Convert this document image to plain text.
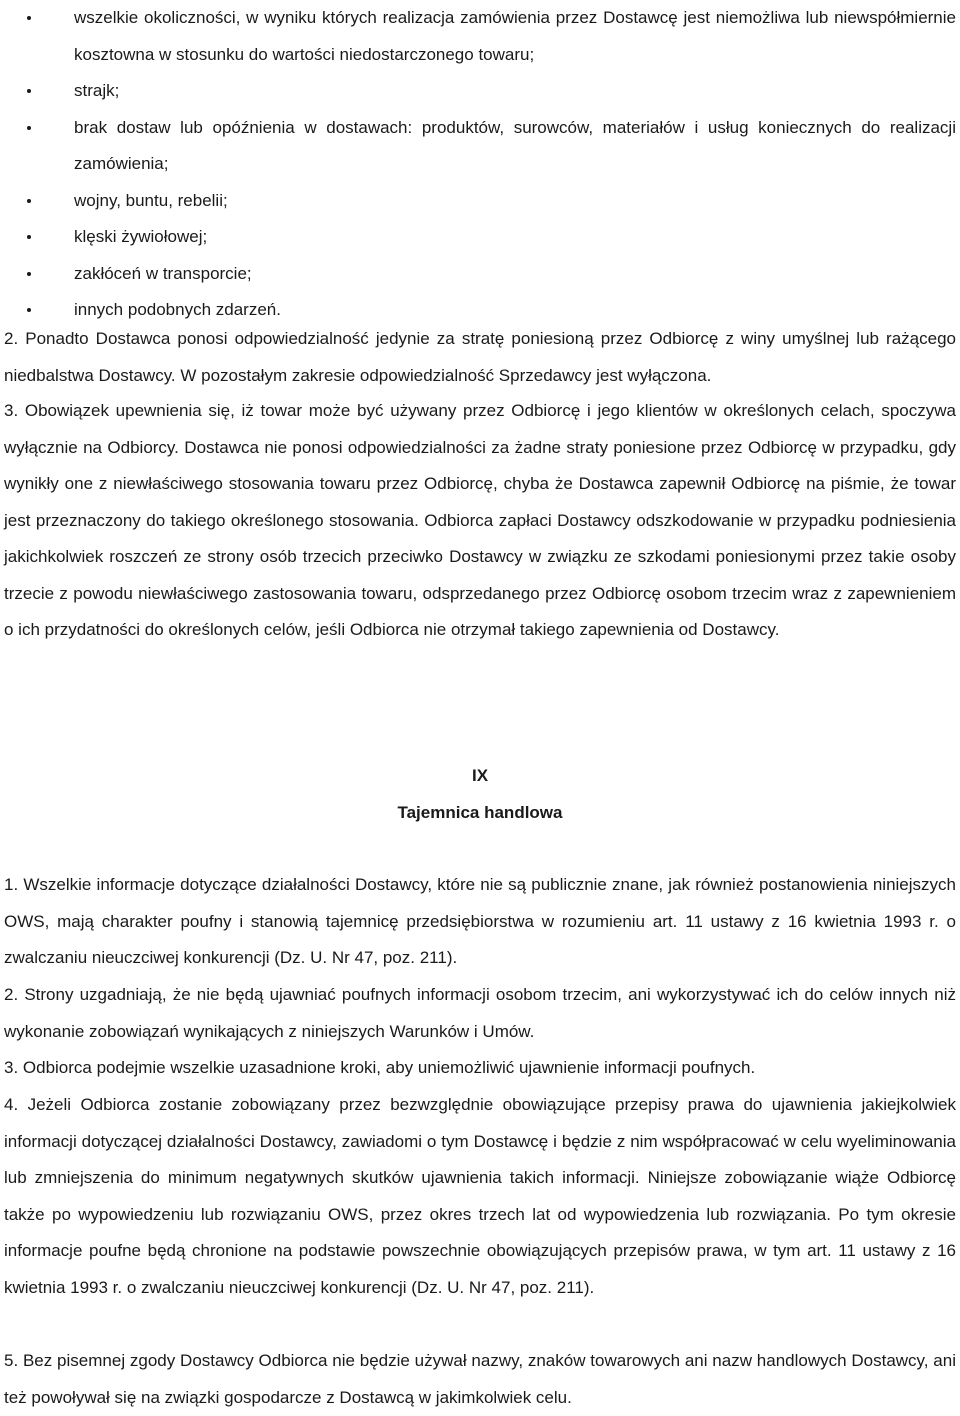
wszelkie okoliczności, w wyniku których realizacja zamówienia przez Dostawcę jest niemożliwa lub niewspółmiernie kosztowna w stosunku do wartości niedostarczonego towaru;
strajk;
brak dostaw lub opóźnienia w dostawach: produktów, surowców, materiałów i usług koniecznych do realizacji zamówienia;
wojny, buntu, rebelii;
klęski żywiołowej;
zakłóceń w transporcie;
innych podobnych zdarzeń.

2. Ponadto Dostawca ponosi odpowiedzialność jedynie za stratę poniesioną przez Odbiorcę z winy umyślnej lub rażącego niedbalstwa Dostawcy. W pozostałym zakresie odpowiedzialność Sprzedawcy jest wyłączona.

3. Obowiązek upewnienia się, iż towar może być używany przez Odbiorcę i jego klientów w określonych celach, spoczywa wyłącznie na Odbiorcy. Dostawca nie ponosi odpowiedzialności za żadne straty poniesione przez Odbiorcę w przypadku, gdy wynikły one z niewłaściwego stosowania towaru przez Odbiorcę, chyba że Dostawca zapewnił Odbiorcę na piśmie, że towar jest przeznaczony do takiego określonego stosowania. Odbiorca zapłaci Dostawcy odszkodowanie w przypadku podniesienia jakichkolwiek roszczeń ze strony osób trzecich przeciwko Dostawcy w związku ze szkodami poniesionymi przez takie osoby trzecie z powodu niewłaściwego zastosowania towaru, odsprzedanego przez Odbiorcę osobom trzecim wraz z zapewnieniem o ich przydatności do określonych celów, jeśli Odbiorca nie otrzymał takiego zapewnienia od Dostawcy.

IX

Tajemnica handlowa

1. Wszelkie informacje dotyczące działalności Dostawcy, które nie są publicznie znane, jak również postanowienia niniejszych OWS, mają charakter poufny i stanowią tajemnicę przedsiębiorstwa w rozumieniu art. 11 ustawy z 16 kwietnia 1993 r. o zwalczaniu nieuczciwej konkurencji (Dz. U. Nr 47, poz. 211).

2. Strony uzgadniają, że nie będą ujawniać poufnych informacji osobom trzecim, ani wykorzystywać ich do celów innych niż wykonanie zobowiązań wynikających z niniejszych Warunków i Umów.

3. Odbiorca podejmie wszelkie uzasadnione kroki, aby uniemożliwić ujawnienie informacji poufnych.

4. Jeżeli Odbiorca zostanie zobowiązany przez bezwzględnie obowiązujące przepisy prawa do ujawnienia jakiejkolwiek informacji dotyczącej działalności Dostawcy, zawiadomi o tym Dostawcę i będzie z nim współpracować w celu wyeliminowania lub zmniejszenia do minimum negatywnych skutków ujawnienia takich informacji. Niniejsze zobowiązanie wiąże Odbiorcę także po wypowiedzeniu lub rozwiązaniu OWS, przez okres trzech lat od wypowiedzenia lub rozwiązania. Po tym okresie informacje poufne będą chronione na podstawie powszechnie obowiązujących przepisów prawa, w tym art. 11 ustawy z 16 kwietnia 1993 r. o zwalczaniu nieuczciwej konkurencji (Dz. U. Nr 47, poz. 211).

5. Bez pisemnej zgody Dostawcy Odbiorca nie będzie używał nazwy, znaków towarowych ani nazw handlowych Dostawcy, ani też powoływał się na związki gospodarcze z Dostawcą w jakimkolwiek celu.
